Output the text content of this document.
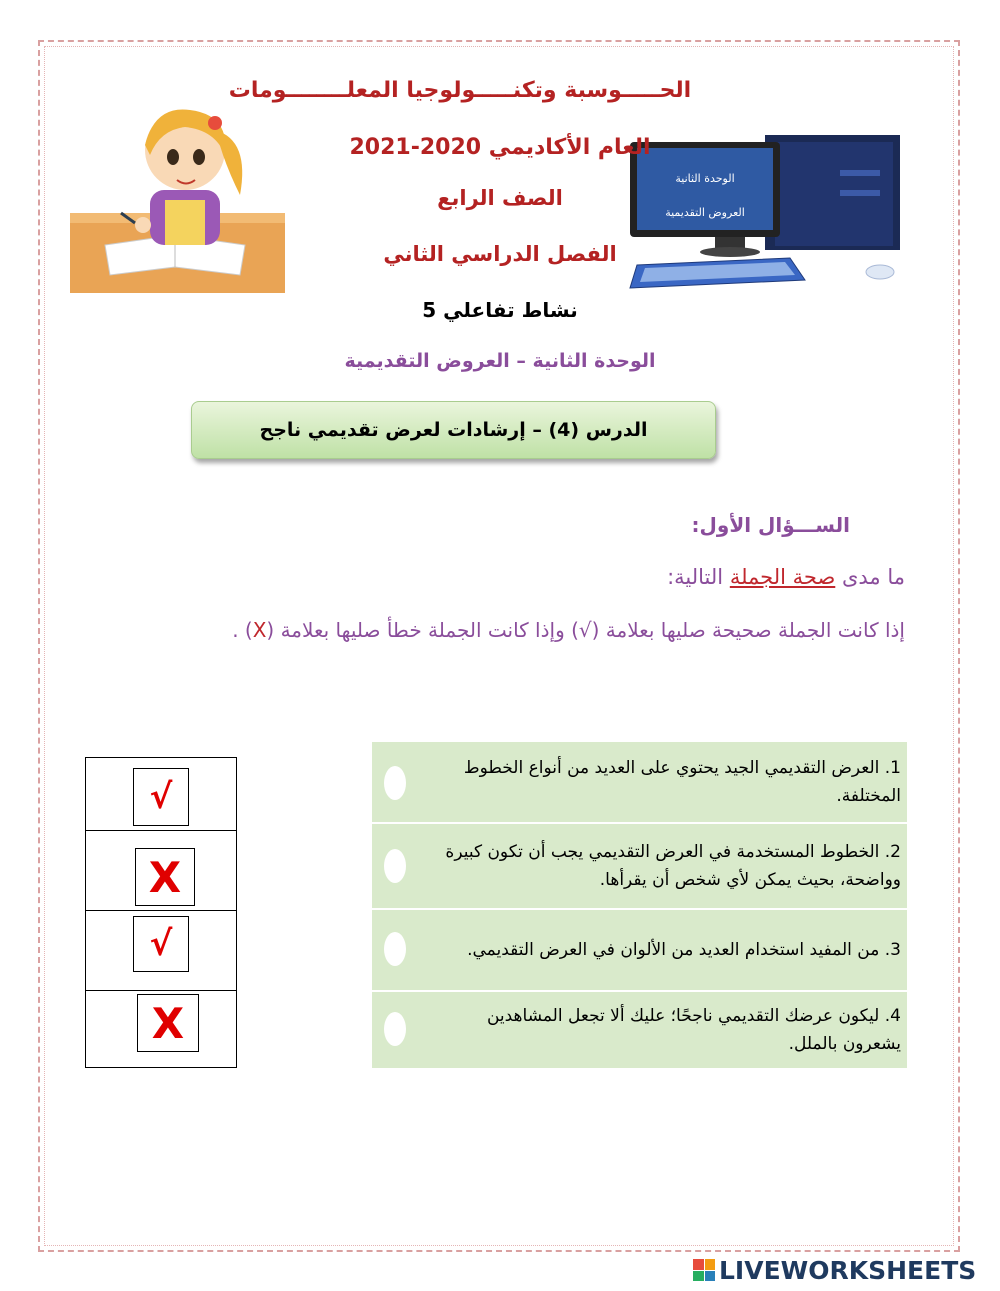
الوحدة الثانية
العروض التقديمية
الحـــــوسبة وتكنـــــولوجيا المعلــــــــومات
العام الأكاديمي 2020-2021
الصف الرابع
الفصل الدراسي الثاني
نشاط تفاعلي 5
الوحدة الثانية – العروض التقديمية
الدرس (4) – إرشادات لعرض تقديمي ناجح
الســـؤال الأول:
ما مدى صحة الجملة التالية:
إذا كانت الجملة صحيحة صليها بعلامة (√) وإذا كانت الجملة خطأ صليها بعلامة (X) .
1. العرض التقديمي الجيد يحتوي على العديد من أنواع الخطوط المختلفة.
2. الخطوط المستخدمة في العرض التقديمي يجب أن تكون كبيرة وواضحة، بحيث يمكن لأي شخص أن يقرأها.
3. من المفيد استخدام العديد من الألوان في العرض التقديمي.
4. ليكون عرضك التقديمي ناجحًا؛ عليك ألا تجعل المشاهدين يشعرون بالملل.
√
X
√
X
LIVEWORKSHEETS
